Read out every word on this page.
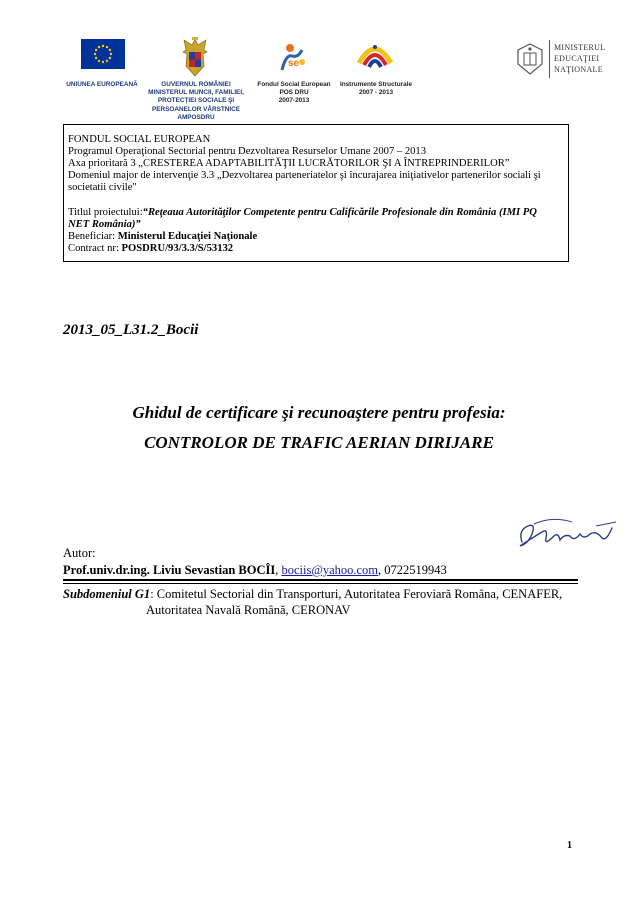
UNIUNEA EUROPEANĂ	GUVERNUL ROMÂNIEI
MINISTERUL MUNCII, FAMILIEI,
PROTECŢIEI SOCIALE ŞI
PERSOANELOR VÂRSTNICE
AMPOSDRU
se
Fondul Social European
POS DRU
2007-2013
Instrumente Structurale
2007 - 2013
MINISTERUL
EDUCAŢIEI
NAŢIONALE
FONDUL SOCIAL EUROPEAN
Programul Operaţional Sectorial pentru Dezvoltarea Resurselor Umane 2007 – 2013
Axa prioritară 3 „CRESTEREA ADAPTABILITĂŢII LUCRĂTORILOR ŞI A ÎNTREPRINDERILOR”
Domeniul major de intervenţie 3.3 „Dezvoltarea parteneriatelor şi încurajarea iniţiativelor partenerilor sociali şi
societatii civile"
Titlul proiectului:“Reţeaua Autorităţilor Competente pentru Calificările Profesionale din România (IMI PQ
NET România)”
Beneficiar: Ministerul Educaţiei Naţionale
Contract nr: POSDRU/93/3.3/S/53132
2013_05_L31.2_Bocii
Ghidul de certificare şi recunoaştere pentru profesia:
CONTROLOR DE TRAFIC AERIAN DIRIJARE
Autor:
Prof.univ.dr.ing. Liviu Sevastian BOCÎI, bociis@yahoo.com, 0722519943
Subdomeniul G1: Comitetul Sectorial din Transporturi, Autoritatea Feroviară Româna, CENAFER,
Autoritatea Navală Română, CERONAV
1
